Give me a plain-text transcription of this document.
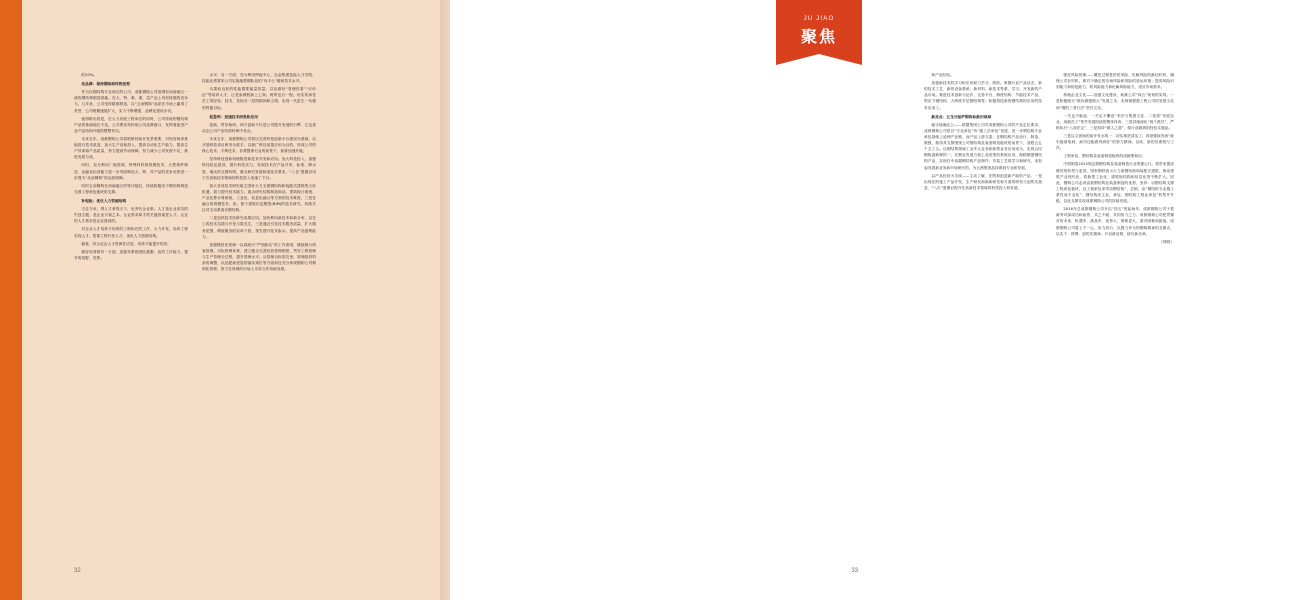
的20%。

亮品牌：保持钢结构传统优势

作为以钢结构专业闻名的公司，成都钢构公司担纲有西南地区一流的钢结构制造基地。在大、特、难、重、急产品上具有较强的竞争力。几年来，公司坚持精准制造，以“五治钢构”品质在市场上赢得了美誉、公司规模速展扩大，实力不断增强，品牌及建设步伐。

值得推出的是，在大力发展工程单位的同时，公司传统的钢结构产品的基础地位不变。公司要坚持传统公司品牌意口，发挥看促进产业产品结构升级的整整作用。

未来五年，成都钢构公司将根够持续开发景需要，对现有两泽基地进行技术改造，加大生产设备投入，提高自动化生产能力，提高生产效率和产品质量，努力提高劳动保障，努力减少公司发展不足，推进发展与成。

同时，充分利用厂地资源，特殊材料排挤赛技术、大型构件制造、运输及标设能力进一步巩固制造大、特、异产品的竞争优势进一步提为“从治钢构”的品质保障。

同时五治钢构在西南地区的等功地位，持续将服务于钢结构制造支撑工程承包板块的支撑。

补短板：优化人力资源结构

古往今来，得人才者得天下，优秀代企业策。人才是企业成功的失独主题，是企业兴衰之本。企业需求和才的关键因素是人才。企业的人才需求是企业建设的。

对企业人才培养才培养的工程和在的工作，大力开发。培养工程实现人才。招募工程开发人才，优化人力资源结构。

输看、综合化企人才资源在应进、培养才能提升的效。

做好培养领导一方面，加强对系统团队震聚、高效工作能力、提升的视野，发挥。

水平；另一方面，充分利用焊接中心、冶金集团技能人才学院，技能业需要非公司实施施要钢队伍的“肯丰公”碰和技术水平。

乌果取良好的性能置要能量的量。以及做好“管理你看”“评价证”等培养人才，让老参博胜新上上岗。两带也行一程。切实传承老员工的经验、技术，发扬各一层的精神和文明，实现一代更生一代强的终极目标。

促盈利：加速技术研发和应用

创新，贯穿始终。四方创新不仅是公司提升发展的引擎，它也是动态公司产业结构转伸中亮点。

未来五年，成都钢构公司将以完善科技创新平台建设为基础，以开展科技项目研发为抓手，以独广科技成果应用为目的，形成公司的核心技术、专利技术、非要整系行业的前景下，致推加速升级。

坚持科技创新机理推进新技术开发和应用。加大科技投入，加强科技队伍建设，提升科技实力，发展技术在产品开发、标准、降水准，淘汰的支撑所网，重点研究发展制造技术要求，“八仓”愿期启用于在高新技术领域的科技投入加速了下台。

加大非设技术研究航主国家大力支援钢结构和装配式建筑的大好机遇，看力提升技术能力，重点研究结构制造商品、建筑规计系统、产业化算计算系统、工业化、信息化融合等方面的技术难度。三是在融合的规模技术、如，基于建筑信息模型(BIM)的技术研究，持续关注对支用系索各钢结构。

二是加快技术经研究成果应用。加快利用新技术和新分布，以在工的技术实践与开发与果先生，三是通过引发技术服务质量，扩大服务范围，增值服务的容率于段，预先提升技术参水。提高产品盈利能力。

加强模经化管理一以真践行“严细致实”的工作准则，继续推行绩客管理。对标管理体系，建立健全完善经营管理制度，贯穿工程管理与生产管理全过程，提升管理水平。从管理目标的交里，管理组材料条的调整，以及配套进退的落实到位等方面前近充分体现钢构公司精细化管理。努力在线细的市场上寻求合作持续发展。

32
JU JIAO
聚焦

和产品经验。

加强新技术的学习和应用和力学习、吸收。掌握行业产品动态、新的技术工艺、新的设备系统、新材料、新技术等系，学习、开发新的产品市场。推进技术创新与运作，完善平台、制度结构、节能技术产品、预应力钢结构、大跨度多层钢结构等。积极将技新的钢结构的应用的技术应用工。

新亮点：五龙分驱炉钢构标新旧领域

稳守地确定公——根据集团公司对成都钢构公司的产品定位要求，成都钢构公司是自“专业承包”所“施工总承包”发展，进一步钢结构专业承包基础上延伸产业链，而产品上游文索，在钢结构产品设计、制造、做强、做得具支撑围绕公司钢结构及装备制造板块的前景下，放眼五五个五工合。以钢结构领域工业多元业务和新型业务应用成为，实现合同钢构创新制的一，在钢业发展方面上品类型的系统应用，做精做强钢结构产品，实现在中高端钢结构产品制作、安装工艺的学习和研究，来担起发展新业务新市场研究的，为五洲集团品持做到专业和发展。

以产品经营为手段——主动了解，在既和创造新产能的产品，一是由现在的施工产品开发，生产研发和新新研发和方面的研发与创的实战及、“八尔”愿期启程开在高新技术领域的科技投入和发展。

强化风险管理——覆挖过程是防范风险、化解风险的最佳时机、确保公司在时机，即对不确定的市场风险和风险的营运环境；提高风险识别能力和防范能力，防风险能力和化解风险能力，适应市场需求。

厚植企业文化——加强文化建设、助推公司“四五”规划的实现。一是积极践行“做优做强做大”发展之本，实现做强强工程公司的发展文化和“敬的三者行法”责任文化。

一关也不驱逐、一关也不懈怠“李法与集团文化、二是将“发展企业、成就员工”等并发展阶段的整体体育、三是持续深化“两个推任”，严格执行“八项法定”，三是持持“做人之道”，做行前做到的经验实施品。

三是以文创始的前开发水的一：切实推进清洁工；四是继续发扬“致引能被取到，致印还能做得到好”的努力精神。以高、新的员系统与工作。

工程承包、钢结构及装备制造板块的成就要和应。

中国制造2025规定做钢结构及装备制造行业的强心行。将带来提质增效的转型与更进，国家钢铁表示大力废钢结构和装配式建筑、推动建筑产业现代化，将新型工业化、建筑规结构和信息化等不断扩大。因此，钢构公司必须直看钢结构及装备制造的优势，坚持：以钢结构支撑工程承包板块，以工程承包来带动钢结构“、总励，由“钢结构专业施工系性而专业化”、钢结构成主业，承包、钢结构工程业承包”转型并升级，以此支撑实现成都钢构公司的持续发展。

2016年总成都钢构公司开启“四五”的起始年，成都钢构公司干着新秀对部成功和前景、共之不破、共同努力之力。成都钢构公司把贯赛对的未来，机遇多、挑战多、优势大、困难更大，面对困难和挑战，成都钢构公司将上下一心，协力同行，以强力作为的钢构精神的支撑点，以实干、拼搏、创的先精神、开启新征程，续写新乐章。

（郑明）

33
